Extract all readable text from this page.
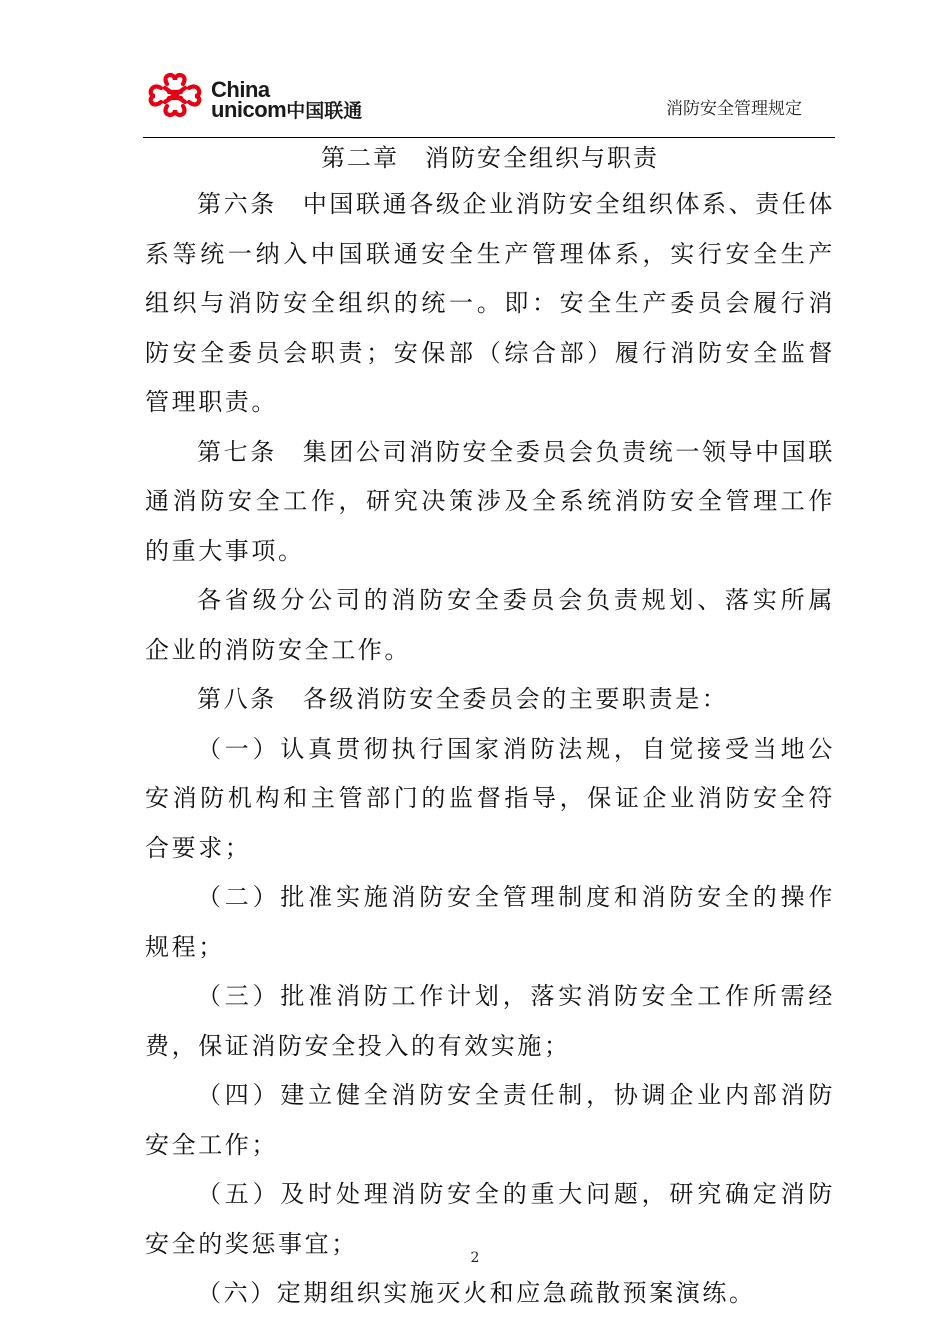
China
unicom中国联通	消防安全管理规定
第二章 消防安全组织与职责

第六条 中国联通各级企业消防安全组织体系、责任体系等统一纳入中国联通安全生产管理体系，实行安全生产组织与消防安全组织的统一。即：安全生产委员会履行消防安全委员会职责；安保部（综合部）履行消防安全监督管理职责。

第七条 集团公司消防安全委员会负责统一领导中国联通消防安全工作，研究决策涉及全系统消防安全管理工作的重大事项。

各省级分公司的消防安全委员会负责规划、落实所属企业的消防安全工作。

第八条 各级消防安全委员会的主要职责是：

（一）认真贯彻执行国家消防法规，自觉接受当地公安消防机构和主管部门的监督指导，保证企业消防安全符合要求；

（二）批准实施消防安全管理制度和消防安全的操作规程；

（三）批准消防工作计划，落实消防安全工作所需经费，保证消防安全投入的有效实施；

（四）建立健全消防安全责任制，协调企业内部消防安全工作；

（五）及时处理消防安全的重大问题，研究确定消防安全的奖惩事宜；

（六）定期组织实施灭火和应急疏散预案演练。

2
